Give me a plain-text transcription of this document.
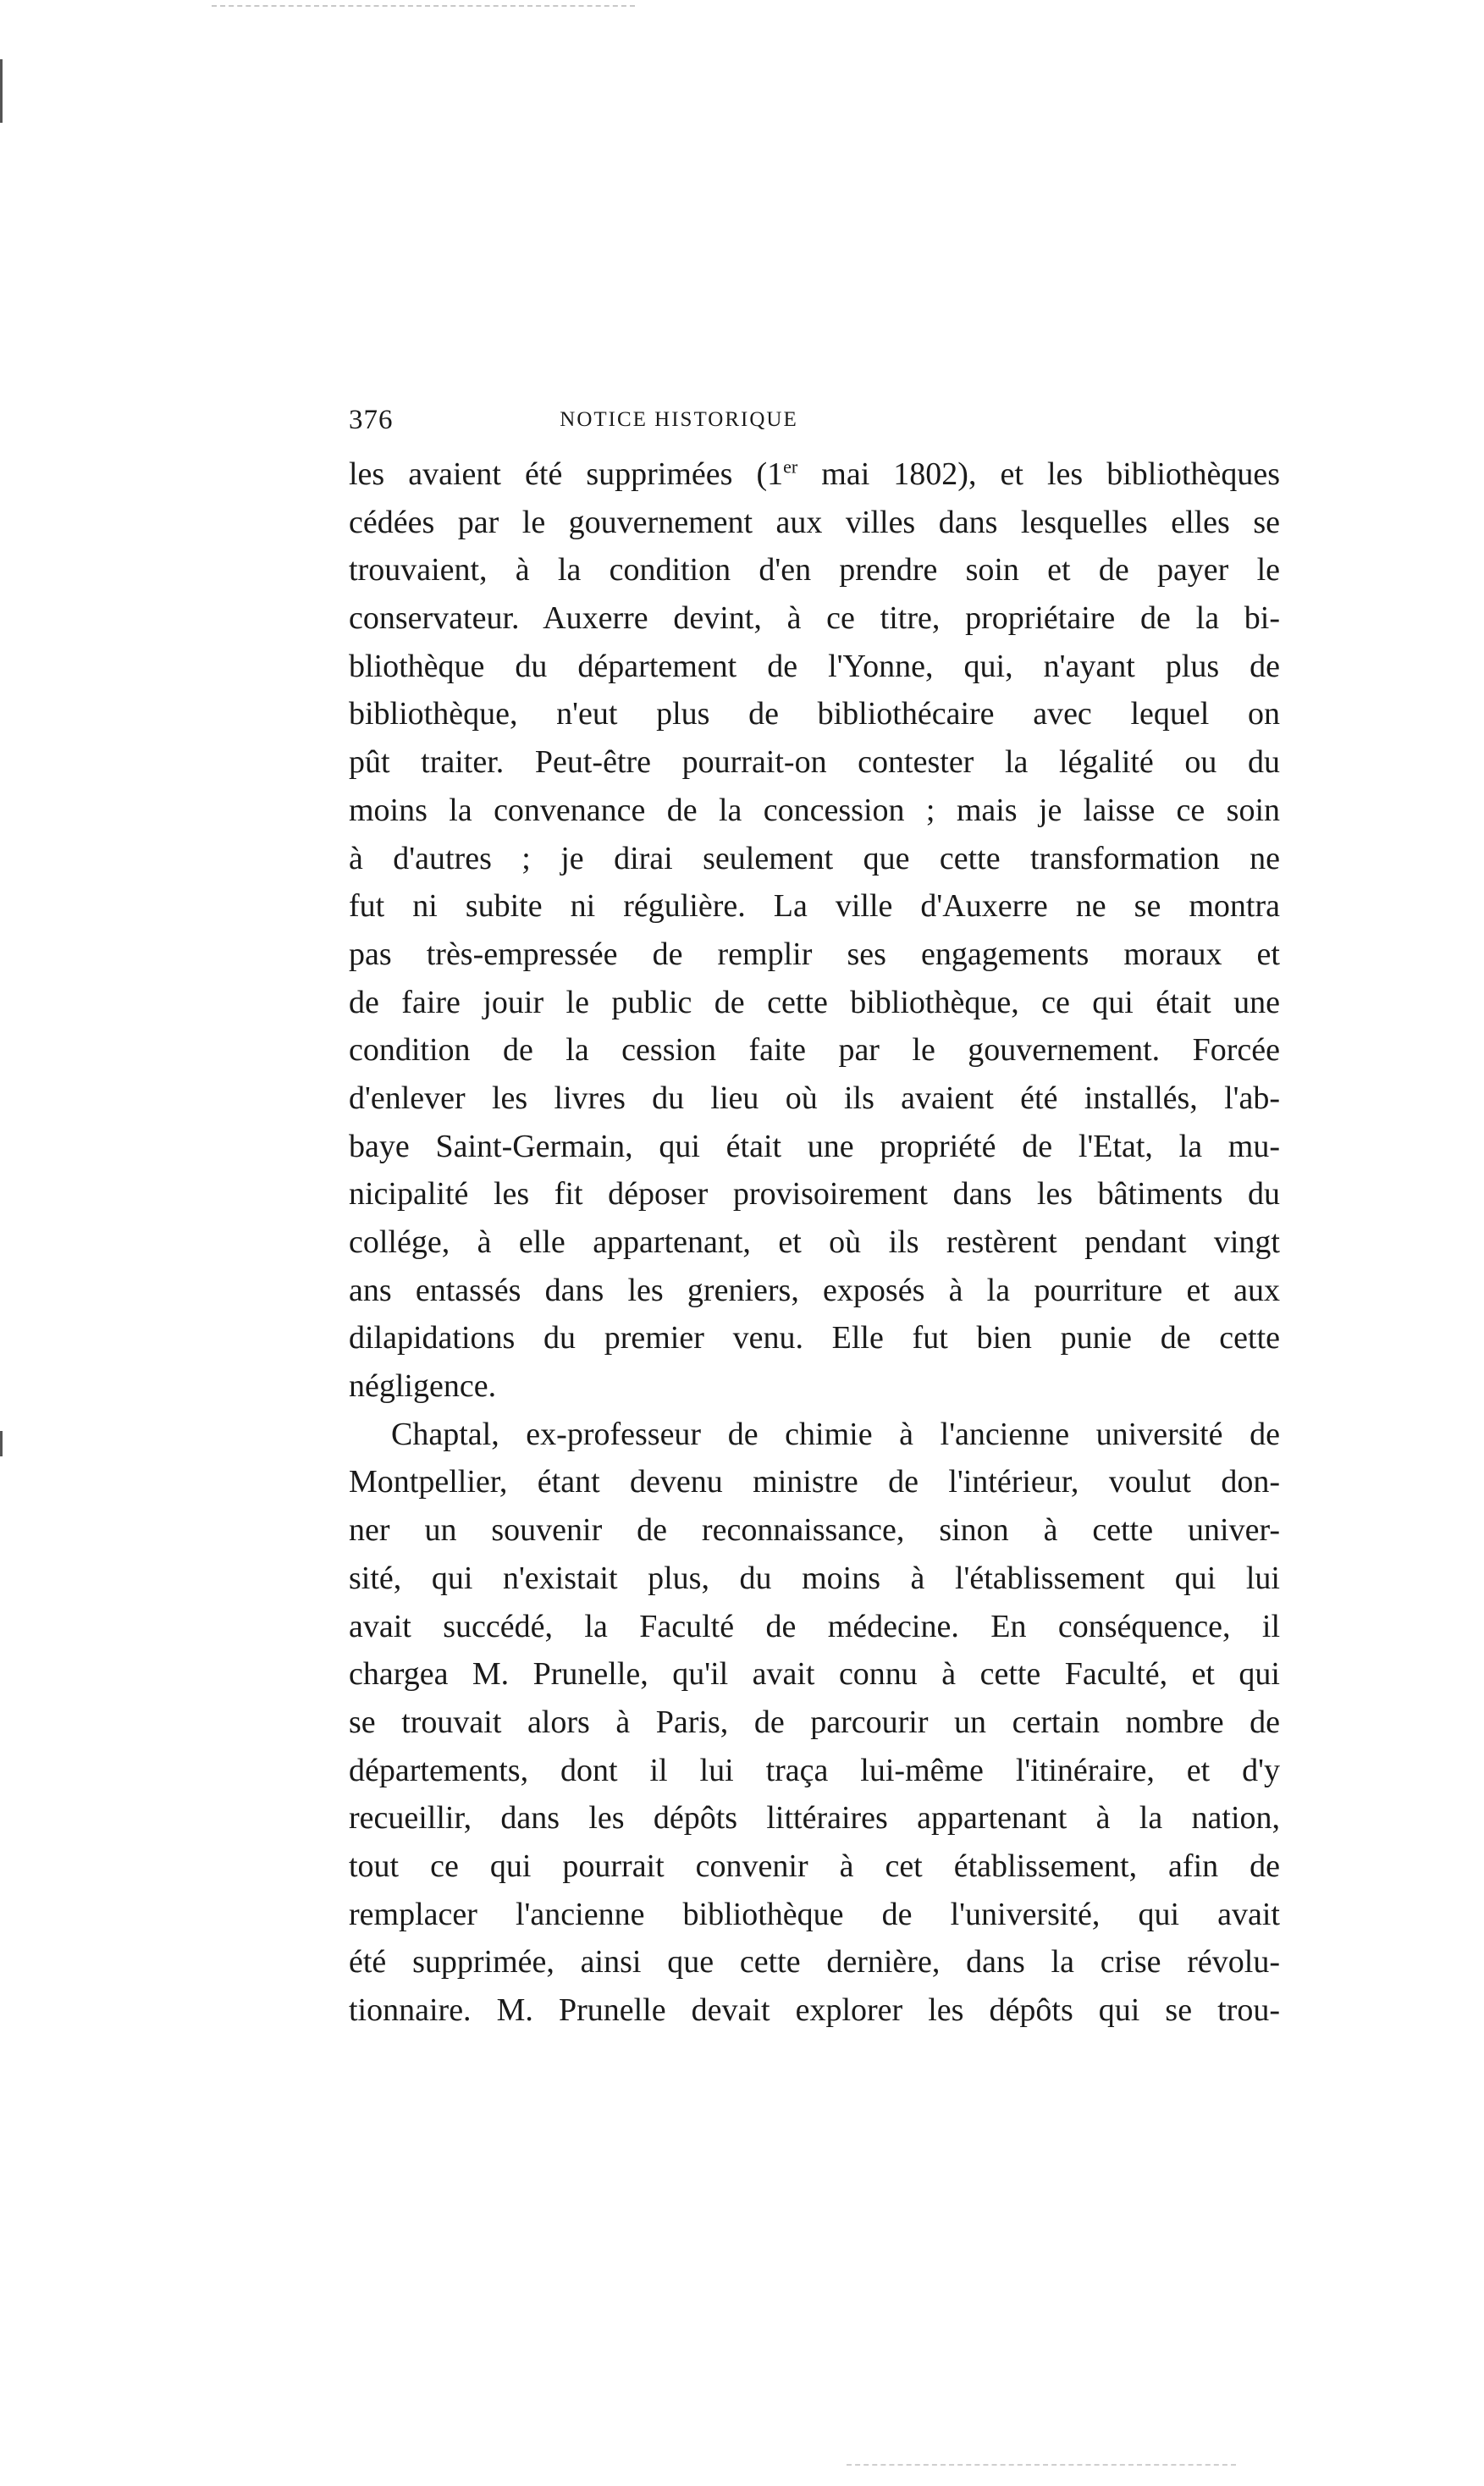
376	NOTICE HISTORIQUE
les avaient été supprimées (1er mai 1802), et les bibliothèques
cédées par le gouvernement aux villes dans lesquelles elles se
trouvaient, à la condition d'en prendre soin et de payer le
conservateur. Auxerre devint, à ce titre, propriétaire de la bi-
bliothèque du département de l'Yonne, qui, n'ayant plus de
bibliothèque, n'eut plus de bibliothécaire avec lequel on
pût traiter. Peut-être pourrait-on contester la légalité ou du
moins la convenance de la concession ; mais je laisse ce soin
à d'autres ; je dirai seulement que cette transformation ne
fut ni subite ni régulière. La ville d'Auxerre ne se montra
pas très-empressée de remplir ses engagements moraux et
de faire jouir le public de cette bibliothèque, ce qui était une
condition de la cession faite par le gouvernement. Forcée
d'enlever les livres du lieu où ils avaient été installés, l'ab-
baye Saint-Germain, qui était une propriété de l'Etat, la mu-
nicipalité les fit déposer provisoirement dans les bâtiments du
collége, à elle appartenant, et où ils restèrent pendant vingt
ans entassés dans les greniers, exposés à la pourriture et aux
dilapidations du premier venu. Elle fut bien punie de cette
négligence.
Chaptal, ex-professeur de chimie à l'ancienne université de
Montpellier, étant devenu ministre de l'intérieur, voulut don-
ner un souvenir de reconnaissance, sinon à cette univer-
sité, qui n'existait plus, du moins à l'établissement qui lui
avait succédé, la Faculté de médecine. En conséquence, il
chargea M. Prunelle, qu'il avait connu à cette Faculté, et qui
se trouvait alors à Paris, de parcourir un certain nombre de
départements, dont il lui traça lui-même l'itinéraire, et d'y
recueillir, dans les dépôts littéraires appartenant à la nation,
tout ce qui pourrait convenir à cet établissement, afin de
remplacer l'ancienne bibliothèque de l'université, qui avait
été supprimée, ainsi que cette dernière, dans la crise révolu-
tionnaire. M. Prunelle devait explorer les dépôts qui se trou-
